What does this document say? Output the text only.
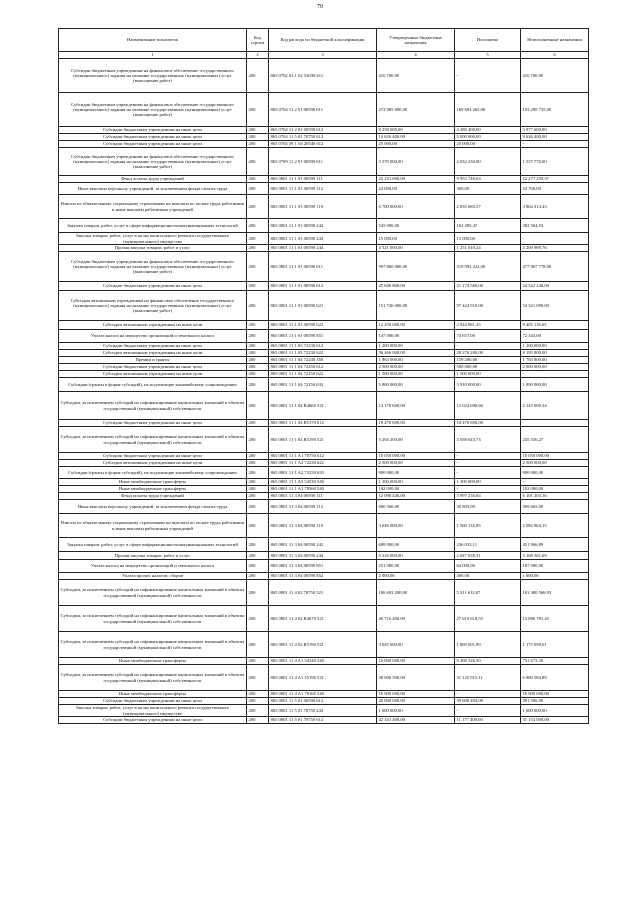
70
Наименование показателя	Код строки	Код расхода по бюджетной классификации	Утвержденные бюджетные назначения	Исполнено	Неисполненные назначения
1	2	3	4	5	6
Субсидии бюджетным учреждениям на финансовое обеспечение государственного (муниципального) задания на оказание государственных (муниципальных) услуг (выполнение работ)	200	865 0702 02 1 02 53030 611	416 700,00	-	416 700,00
Субсидии бюджетным учреждениям на финансовое обеспечение государственного (муниципального) задания на оказание государственных (муниципальных) услуг (выполнение работ)	200	865 0704 11 2 01 00590 611	272 985 000,00	169 694 265,00	103 290 735,00
Субсидии бюджетным учреждениям на иные цели	200	865 0704 11 2 01 00590 612	8 258 000,00	4 280 400,00	3 977 600,00
Субсидии бюджетным учреждениям на иные цели	200	865 0704 11 5 01 70750 612	14 626 400,00	5 000 000,00	9 626 400,00
Субсидии бюджетным учреждениям на иные цели	200	865 0704 39 1 04 20540 612	25 000,00	25 000,00	-
Субсидии бюджетным учреждениям на финансовое обеспечение государственного (муниципального) задания на оказание государственных (муниципальных) услуг (выполнение работ)	200	865 0709 11 2 01 00590 611	3 570 000,00	2 032 230,00	1 537 770,00
Фонд оплаты труда учреждений	200	865 0801 11 1 01 00590 111	22 231 000,00	9 953 740,63	12 277 259,37
Иные выплаты персоналу учреждений, за исключением фонда оплаты труда	200	865 0801 11 1 01 00590 112	24 000,00	300,00	23 700,00
Взносы по обязательному социальному страхованию на выплаты по оплате труда работников и иные выплаты работникам учреждений	200	865 0801 11 1 01 00590 119	6 700 000,00	2 835 685,57	3 864 314,43
Закупка товаров, работ, услуг в сфере информационно-коммуникационных технологий	200	865 0801 11 1 01 00590 242	545 000,00	162 495,47	382 504,53
Закупка товаров, работ, услуг в целях капитального ремонта государственного (муниципального) имущества	200	865 0801 11 1 01 00590 243	15 000,00	15 000,00	-
Прочая закупка товаров, работ и услуг	200	865 0801 11 1 01 00590 244	4 521 000,00	1 251 010,24	3 269 989,76
Субсидии бюджетным учреждениям на финансовое обеспечение государственного (муниципального) задания на оказание государственных (муниципальных) услуг (выполнение работ)	200	865 0801 11 1 01 00590 611	997 860 000,00	519 992 222,00	477 867 778,00
Субсидии бюджетным учреждениям на иные цели	200	865 0801 11 1 01 00590 612	45 696 800,00	21 174 560,00	24 522 240,00
Субсидии автономным учреждениям на финансовое обеспечение государственного (муниципального) задания на оказание государственных (муниципальных) услуг (выполнение работ)	200	865 0801 11 1 01 00590 621	151 746 000,00	97 424 910,00	54 321 090,00
Субсидии автономным учреждениям на иные цели	200	865 0801 11 1 01 00590 622	12 250 000,00	2 844 881,35	9 405 118,65
Уплата налога на имущество организаций и земельного налога	200	865 0801 11 1 01 00590 851	147 000,00	74 657,00	72 343,00
Субсидии бюджетным учреждениям на иные цели	200	865 0801 11 1 03 72230 612	1 200 000,00	-	1 200 000,00
Субсидии автономным учреждениям на иные цели	200	865 0801 11 1 03 72230 622	36 466 000,00	28 270 200,00	8 195 800,00
Премии и гранты	200	865 0801 11 1 04 72240 350	1 863 000,00	159 200,00	1 703 800,00
Субсидии бюджетным учреждениям на иные цели	200	865 0801 11 1 04 72250 612	2 500 000,00	500 000,00	2 000 000,00
Субсидии автономным учреждениям на иные цели	200	865 0801 11 1 04 72250 622	1 500 000,00	1 500 000,00	-
Субсидии (гранты в форме субсидий), не подлежащие казначейскому сопровождению	200	865 0801 11 1 04 72250 633	5 800 000,00	3 910 000,00	1 890 000,00
Субсидии, за исключением субсидий на софинансирование капитальных вложений в объекты государственной (муниципальной) собственности	200	865 0801 11 1 04 R4660 521	14 170 600,00	12 024 690,66	2 145 909,34
Субсидии бюджетным учреждениям на иные цели	200	865 0801 11 1 04 R5170 612	18 470 600,00	18 470 600,00	-
Субсидии, за исключением субсидий на софинансирование капитальных вложений в объекты государственной (муниципальной) собственности	200	865 0801 11 1 04 R5190 521	3 294 200,00	3 058 643,73	235 556,27
Субсидии бюджетным учреждениям на иные цели	200	865 0801 11 1 A1 70750 612	10 050 000,00	-	10 050 000,00
Субсидии автономным учреждениям на иные цели	200	865 0801 11 1 A2 72230 622	2 500 000,00	-	2 500 000,00
Субсидии (гранты в форме субсидий), не подлежащие казначейскому сопровождению	200	865 0801 11 1 A2 72250 633	900 000,00	-	900 000,00
Иные межбюджетные трансферты	200	865 0801 11 1 A3 54530 540	1 300 000,00	1 300 000,00	-
Иные межбюджетные трансферты	200	865 0801 11 1 A3 78560 540	102 000,00	-	102 000,00
Фонд оплаты труда учреждений	200	865 0801 11 3 04 00590 111	12 098 446,00	5 997 236,84	6 101 203,16
Иные выплаты персоналу учреждений, за исключением фонда оплаты труда	200	865 0801 11 3 04 00590 112	600 560,00	30 895,00	569 665,00
Взносы по обязательному социальному страхованию на выплаты по оплате труда работников и иные выплаты работникам учреждений	200	865 0801 11 3 04 00590 119	3 649 000,00	1 566 135,85	2 082 864,15
Закупка товаров, работ, услуг в сфере информационно-коммуникационных технологий	200	865 0801 11 3 04 00590 242	688 000,00	236 033,11	451 966,89
Прочая закупка товаров, работ и услуг	200	865 0801 11 3 04 00590 244	5 216 000,00	2 047 638,31	3 168 361,69
Уплата налога на имущество организаций и земельного налога	200	865 0801 11 3 04 00590 851	251 000,00	64 000,00	187 000,00
Уплата прочих налогов, сборов	200	865 0801 11 3 04 00590 852	2 000,00	400,00	1 600,00
Субсидии, за исключением субсидий на софинансирование капитальных вложений в объекты государственной (муниципальной) собственности	200	865 0801 11 4 02 78750 521	186 692 200,00	5 311 633,07	181 380 566,93
Субсидии, за исключением субсидий на софинансирование капитальных вложений в объекты государственной (муниципальной) собственности	200	865 0801 11 4 02 R4670 521	40 716 400,00	27 619 618,55	13 096 781,45
Субсидии, за исключением субсидий на софинансирование капитальных вложений в объекты государственной (муниципальной) собственности	200	865 0801 11 4 02 R5190 521	3 045 600,00	1 869 601,99	1 175 998,01
Иные межбюджетные трансферты	200	865 0801 11 4 A1 54540 540	10 000 000,00	9 268 326,50	731 673,50
Субсидии, за исключением субсидий на софинансирование капитальных вложений в объекты государственной (муниципальной) собственности	200	865 0801 11 4 A1 55190 521	38 006 500,00	31 125 915,11	6 880 584,89
Иные межбюджетные трансферты	200	865 0801 11 4 A1 78160 540	10 000 000,00	-	10 000 000,00
Субсидии бюджетным учреждениям на иные цели	200	865 0801 11 5 01 00590 612	40 000 000,00	39 608 494,00	391 506,00
Закупка товаров, работ, услуг в целях капитального ремонта государственного (муниципального) имущества	200	865 0801 11 5 01 70750 243	1 000 000,00	-	1 000 000,00
Субсидии бюджетным учреждениям на иные цели	200	865 0801 11 5 01 70750 612	42 331 400,00	11 177 400,00	31 154 000,00
